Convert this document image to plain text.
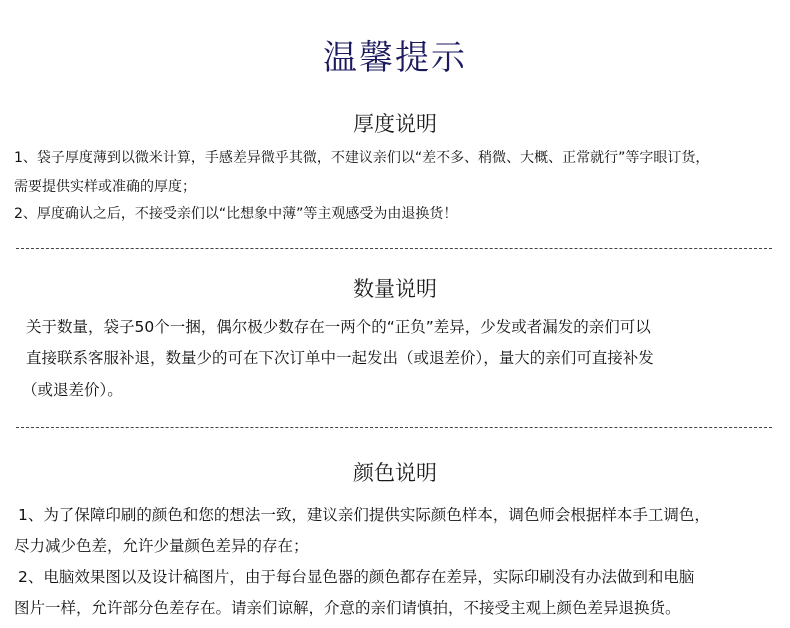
温馨提示
厚度说明
1、袋子厚度薄到以微米计算，手感差异微乎其微，不建议亲们以“差不多、稍微、大概、正常就行”等字眼订货，
需要提供实样或准确的厚度；
2、厚度确认之后，不接受亲们以“比想象中薄”等主观感受为由退换货！
数量说明
关于数量，袋子50个一捆，偶尔极少数存在一两个的“正负”差异，少发或者漏发的亲们可以
直接联系客服补退，数量少的可在下次订单中一起发出（或退差价），量大的亲们可直接补发
（或退差价）。
颜色说明
1、为了保障印刷的颜色和您的想法一致，建议亲们提供实际颜色样本，调色师会根据样本手工调色，
尽力减少色差，允许少量颜色差异的存在；
2、电脑效果图以及设计稿图片，由于每台显色器的颜色都存在差异，实际印刷没有办法做到和电脑
图片一样，允许部分色差存在。请亲们谅解，介意的亲们请慎拍，不接受主观上颜色差异退换货。
